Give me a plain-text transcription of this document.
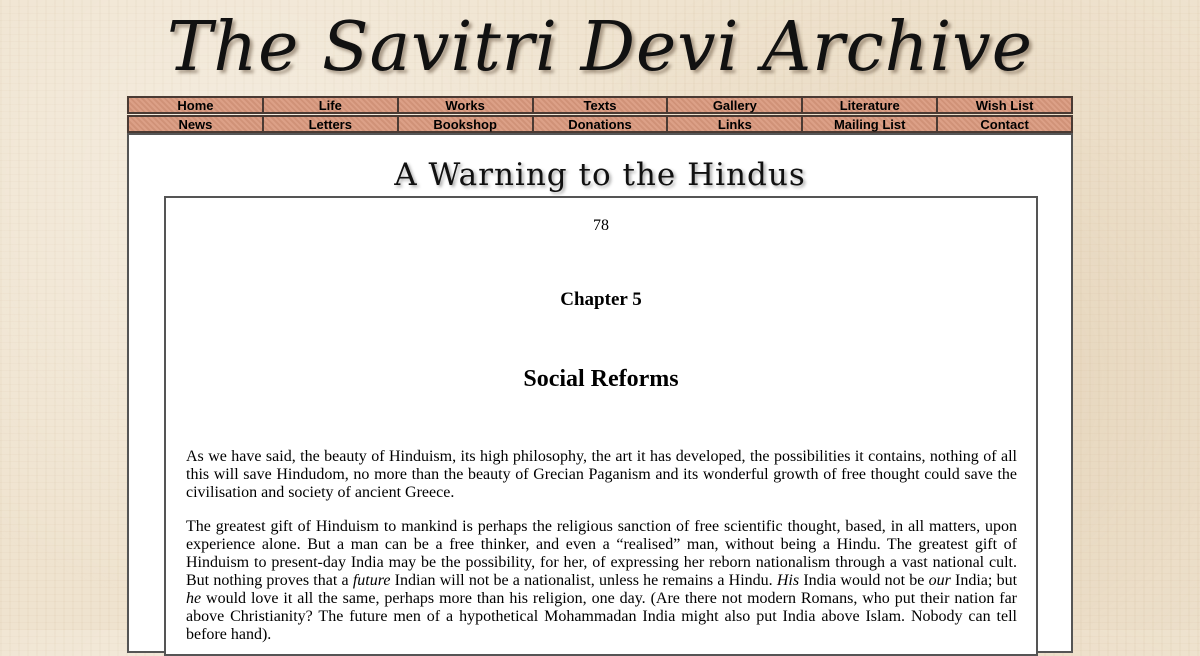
The Savitri Devi Archive
Home	Life	Works	Texts	Gallery	Literature	Wish List
News	Letters	Bookshop	Donations	Links	Mailing List	Contact
A Warning to the Hindus
78
Chapter 5
Social Reforms

As we have said, the beauty of Hinduism, its high philosophy, the art it has developed, the possibilities it contains, nothing of all this will save Hindudom, no more than the beauty of Grecian Paganism and its wonderful growth of free thought could save the civilisation and society of ancient Greece.

The greatest gift of Hinduism to mankind is perhaps the religious sanction of free scientific thought, based, in all matters, upon experience alone. But a man can be a free thinker, and even a “realised” man, without being a Hindu. The greatest gift of Hinduism to present-day India may be the possibility, for her, of expressing her reborn nationalism through a vast national cult. But nothing proves that a future Indian will not be a nationalist, unless he remains a Hindu. His India would not be our India; but he would love it all the same, perhaps more than his religion, one day. (Are there not modern Romans, who put their nation far above Christianity? The future men of a hypothetical Mohammadan India might also put India above Islam. Nobody can tell before hand).
